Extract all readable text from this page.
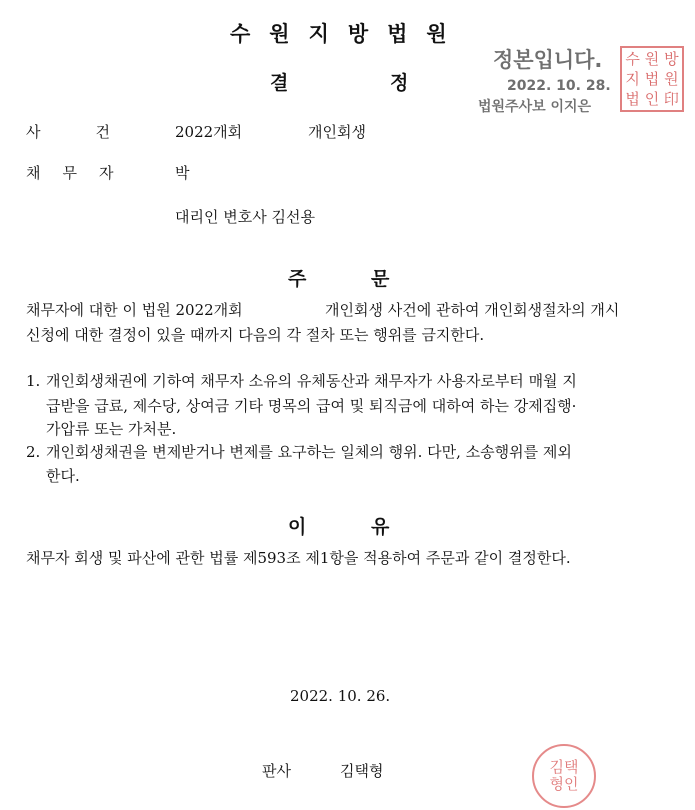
수원지방법원
결	정
정본입니다.
2022. 10. 28.
법원주사보 이지은
수 원 방
지 법 원
법 인 印
사건 2022개회	개인회생
채무자	박
대리인 변호사 김선용
주	문
채무자에 대한 이 법원 2022개회	개인회생 사건에 관하여 개인회생절차의 개시
신청에 대한 결정이 있을 때까지 다음의 각 절차 또는 행위를 금지한다.
1. 개인회생채권에 기하여 채무자 소유의 유체동산과 채무자가 사용자로부터 매월 지
급받을 급료, 제수당, 상여금 기타 명목의 급여 및 퇴직금에 대하여 하는 강제집행·
가압류 또는 가처분.
2. 개인회생채권을 변제받거나 변제를 요구하는 일체의 행위. 다만, 소송행위를 제외
한다.
이	유
채무자 회생 및 파산에 관한 법률 제593조 제1항을 적용하여 주문과 같이 결정한다.
2022. 10. 26.
판사	김택형	김택형인
